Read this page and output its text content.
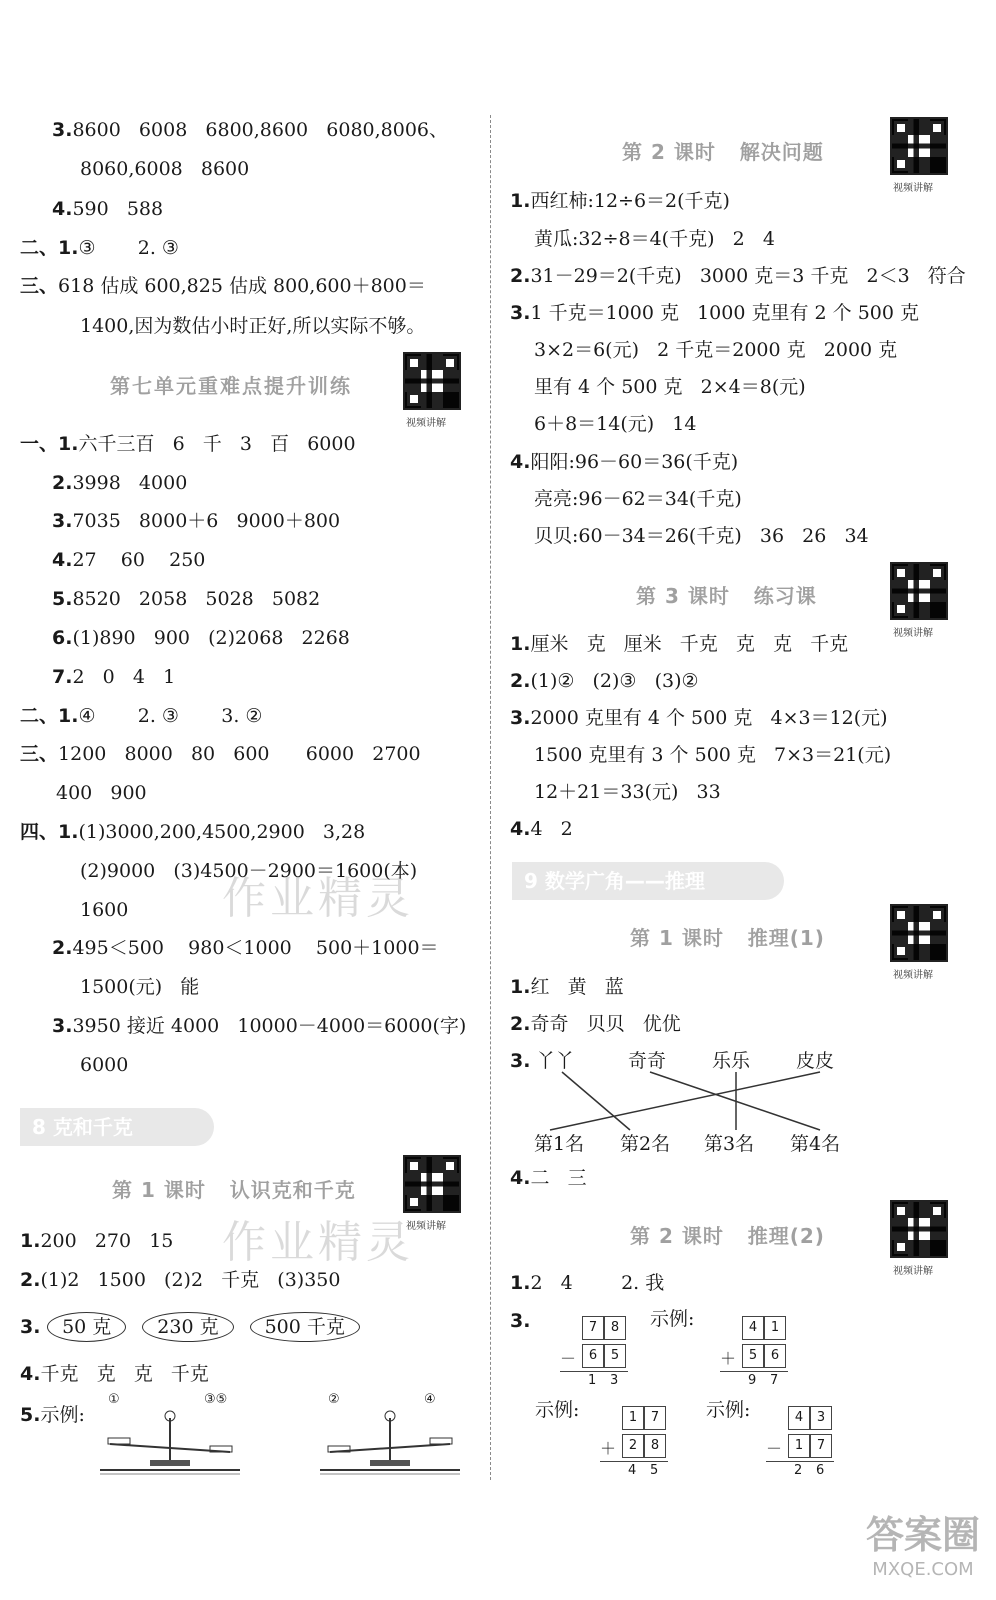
作业精灵
作业精灵
答案圈
MXQE.COM
3.8600   6008   6800,8600   6080,8006、
8060,6008   8600
4.590   588
二、1.③       2. ③
三、618 估成 600,825 估成 800,600＋800＝
1400,因为数估小时正好,所以实际不够。
第七单元重难点提升训练
视频讲解
一、1.六千三百   6   千   3   百   6000
2.3998   4000
3.7035   8000＋6   9000＋800
4.27    60    250
5.8520   2058   5028   5082
6.(1)890   900   (2)2068   2268
7.2   0   4   1
二、1.④       2. ③       3. ②
三、1200   8000   80   600      6000   2700
400   900
四、1.(1)3000,200,4500,2900   3,28
(2)9000   (3)4500－2900＝1600(本)
1600
2.495＜500    980＜1000    500＋1000＝
1500(元)   能
3.3950 接近 4000   10000－4000＝6000(字)
6000
8 克和千克
第 1 课时   认识克和千克
视频讲解
1.200   270   15
2.(1)2   1500   (2)2   千克   (3)350
3. 50 克 230 克 500 千克
4.千克   克   克   千克
5.示例:
①	③⑤	②	④
第 2 课时   解决问题
视频讲解
1.西红柿:12÷6＝2(千克)
黄瓜:32÷8＝4(千克)   2   4
2.31－29＝2(千克)   3000 克＝3 千克   2＜3   符合
3.1 千克＝1000 克   1000 克里有 2 个 500 克
3×2＝6(元)   2 千克＝2000 克   2000 克
里有 4 个 500 克   2×4＝8(元)
6＋8＝14(元)   14
4.阳阳:96－60＝36(千克)
亮亮:96－62＝34(千克)
贝贝:60－34＝26(千克)   36   26   34
第 3 课时   练习课
视频讲解
1.厘米   克   厘米   千克   克   克   千克
2.(1)②   (2)③   (3)②
3.2000 克里有 4 个 500 克   4×3＝12(元)
1500 克里有 3 个 500 克   7×3＝21(元)
12＋21＝33(元)   33
4.4   2
9 数学广角——推理
第 1 课时   推理(1)
视频讲解
1.红   黄   蓝
2.奇奇   贝贝   优优
3. 丫丫	奇奇 乐乐 皮皮
第1名 第2名 第3名 第4名
4.二   三
第 2 课时   推理(2)
视频讲解
1.2   4        2. 我
3.	示例:
示例:	示例:
7	8
－ 6	5
1 3
4	1
＋ 5	6
9 7
1	7
＋ 2	8
4 5
4	3
－ 1	7
2 6
